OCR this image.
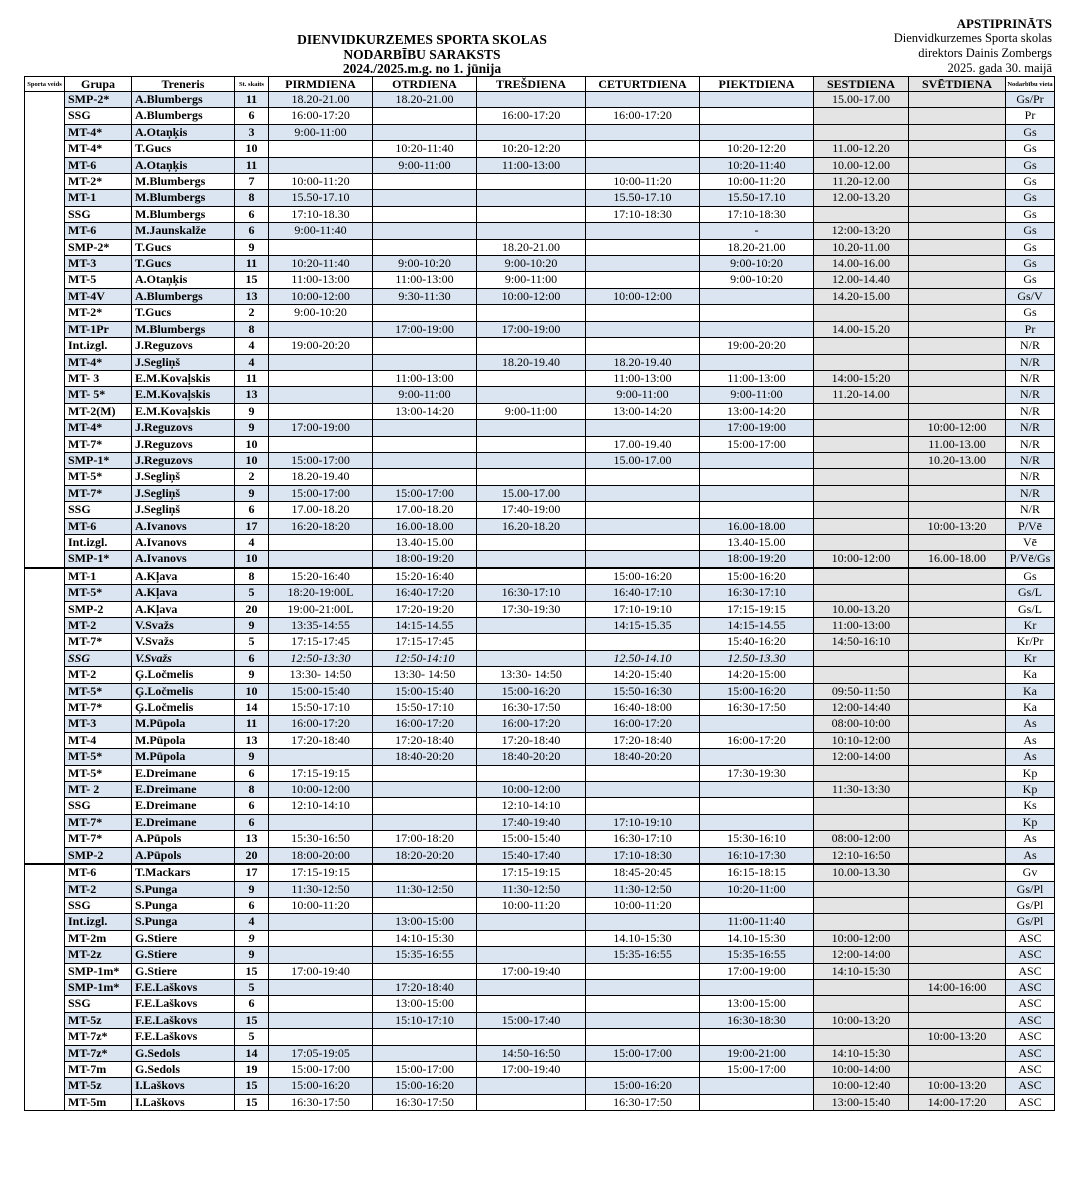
DIENVIDKURZEMES SPORTA SKOLAS
NODARBĪBU SARAKSTS
2024./2025.m.g. no 1. jūnija
APSTIPRINĀTS
Dienvidkurzemes Sporta skolas
direktors Dainis Zombergs
2025. gada 30. maijā
Sporta veids	Grupa	Treneris	St. skaits	PIRMDIENA	OTRDIENA	TREŠDIENA	CETURTDIENA	PIEKTDIENA	SESTDIENA	SVĒTDIENA	Nodarbību vieta
	SMP-2*	A.Blumbergs	11	18.20-21.00	18.20-21.00				15.00-17.00		Gs/Pr
	SSG	A.Blumbergs	6	16:00-17:20		16:00-17:20	16:00-17:20				Pr
	MT-4*	A.Otaņķis	3	9:00-11:00							Gs
	MT-4*	T.Gucs	10		10:20-11:40	10:20-12:20		10:20-12:20	11.00-12.20		Gs
	MT-6	A.Otaņķis	11		9:00-11:00	11:00-13:00		10:20-11:40	10.00-12.00		Gs
	MT-2*	M.Blumbergs	7	10:00-11:20			10:00-11:20	10:00-11:20	11.20-12.00		Gs
	MT-1	M.Blumbergs	8	15.50-17.10			15.50-17.10	15.50-17.10	12.00-13.20		Gs
	SSG	M.Blumbergs	6	17:10-18.30			17:10-18:30	17:10-18:30			Gs
	MT-6	M.Jaunskalže	6	9:00-11:40				-	12:00-13:20		Gs
	SMP-2*	T.Gucs	9			18.20-21.00		18.20-21.00	10.20-11.00		Gs
	MT-3	T.Gucs	11	10:20-11:40	9:00-10:20	9:00-10:20		9:00-10:20	14.00-16.00		Gs
	MT-5	A.Otaņķis	15	11:00-13:00	11:00-13:00	9:00-11:00		9:00-10:20	12.00-14.40		Gs
	MT-4V	A.Blumbergs	13	10:00-12:00	9:30-11:30	10:00-12:00	10:00-12:00		14.20-15.00		Gs/V
	MT-2*	T.Gucs	2	9:00-10:20							Gs
	MT-1Pr	M.Blumbergs	8		17:00-19:00	17:00-19:00			14.00-15.20		Pr
	Int.izgl.	J.Reguzovs	4	19:00-20:20				19:00-20:20			N/R
	MT-4*	J.Segliņš	4			18.20-19.40	18.20-19.40				N/R
	MT- 3	E.M.Kovaļskis	11		11:00-13:00		11:00-13:00	11:00-13:00	14:00-15:20		N/R
	MT- 5*	E.M.Kovaļskis	13		9:00-11:00		9:00-11:00	9:00-11:00	11.20-14.00		N/R
	MT-2(M)	E.M.Kovaļskis	9		13:00-14:20	9:00-11:00	13:00-14:20	13:00-14:20			N/R
	MT-4*	J.Reguzovs	9	17:00-19:00				17:00-19:00		10:00-12:00	N/R
	MT-7*	J.Reguzovs	10				17.00-19.40	15:00-17:00		11.00-13.00	N/R
	SMP-1*	J.Reguzovs	10	15:00-17:00			15.00-17.00			10.20-13.00	N/R
	MT-5*	J.Segliņš	2	18.20-19.40							N/R
	MT-7*	J.Segliņš	9	15:00-17:00	15:00-17:00	15.00-17.00					N/R
	SSG	J.Segliņš	6	17.00-18.20	17.00-18.20	17:40-19:00					N/R
	MT-6	A.Ivanovs	17	16:20-18:20	16.00-18.00	16.20-18.20		16.00-18.00		10:00-13:20	P/Vē
	Int.izgl.	A.Ivanovs	4		13.40-15.00			13.40-15.00			Vē
	SMP-1*	A.Ivanovs	10		18:00-19:20			18:00-19:20	10:00-12:00	16.00-18.00	P/Vē/Gs
	MT-1	A.Kļava	8	15:20-16:40	15:20-16:40		15:00-16:20	15:00-16:20			Gs
	MT-5*	A.Kļava	5	18:20-19:00L	16:40-17:20	16:30-17:10	16:40-17:10	16:30-17:10			Gs/L
	SMP-2	A.Kļava	20	19:00-21:00L	17:20-19:20	17:30-19:30	17:10-19:10	17:15-19:15	10.00-13.20		Gs/L
	MT-2	V.Svažs	9	13:35-14:55	14:15-14.55		14:15-15.35	14:15-14.55	11:00-13:00		Kr
	MT-7*	V.Svažs	5	17:15-17:45	17:15-17:45			15:40-16:20	14:50-16:10		Kr/Pr
	SSG	V.Svažs	6	12:50-13:30	12:50-14:10		12.50-14.10	12.50-13.30			Kr
	MT-2	Ģ.Ločmelis	9	13:30- 14:50	13:30- 14:50	13:30- 14:50	14:20-15:40	14:20-15:00			Ka
	MT-5*	Ģ.Ločmelis	10	15:00-15:40	15:00-15:40	15:00-16:20	15:50-16:30	15:00-16:20	09:50-11:50		Ka
	MT-7*	Ģ.Ločmelis	14	15:50-17:10	15:50-17:10	16:30-17:50	16:40-18:00	16:30-17:50	12:00-14:40		Ka
	MT-3	M.Pūpola	11	16:00-17:20	16:00-17:20	16:00-17:20	16:00-17:20		08:00-10:00		As
	MT-4	M.Pūpola	13	17:20-18:40	17:20-18:40	17:20-18:40	17:20-18:40	16:00-17:20	10:10-12:00		As
	MT-5*	M.Pūpola	9		18:40-20:20	18:40-20:20	18:40-20:20		12:00-14:00		As
	MT-5*	E.Dreimane	6	17:15-19:15				17:30-19:30			Kp
	MT- 2	E.Dreimane	8	10:00-12:00		10:00-12:00			11:30-13:30		Kp
	SSG	E.Dreimane	6	12:10-14:10		12:10-14:10					Ks
	MT-7*	E.Dreimane	6			17:40-19:40	17:10-19:10				Kp
	MT-7*	A.Pūpols	13	15:30-16:50	17:00-18:20	15:00-15:40	16:30-17:10	15:30-16:10	08:00-12:00		As
	SMP-2	A.Pūpols	20	18:00-20:00	18:20-20:20	15:40-17:40	17:10-18:30	16:10-17:30	12:10-16:50		As
	MT-6	T.Mackars	17	17:15-19:15		17:15-19:15	18:45-20:45	16:15-18:15	10.00-13.30		Gv
	MT-2	S.Punga	9	11:30-12:50	11:30-12:50	11:30-12:50	11:30-12:50	10:20-11:00			Gs/Pl
	SSG	S.Punga	6	10:00-11:20		10:00-11:20	10:00-11:20				Gs/Pl
	Int.izgl.	S.Punga	4		13:00-15:00			11:00-11:40			Gs/Pl
	MT-2m	G.Stiere	9		14:10-15:30		14.10-15:30	14.10-15:30	10:00-12:00		ASC
	MT-2z	G.Stiere	9		15:35-16:55		15:35-16:55	15:35-16:55	12:00-14:00		ASC
	SMP-1m*	G.Stiere	15	17:00-19:40		17:00-19:40		17:00-19:00	14:10-15:30		ASC
	SMP-1m*	F.E.Laškovs	5		17:20-18:40					14:00-16:00	ASC
	SSG	F.E.Laškovs	6		13:00-15:00			13:00-15:00			ASC
	MT-5z	F.E.Laškovs	15		15:10-17:10	15:00-17:40		16:30-18:30	10:00-13:20		ASC
	MT-7z*	F.E.Laškovs	5							10:00-13:20	ASC
	MT-7z*	G.Sedols	14	17:05-19:05		14:50-16:50	15:00-17:00	19:00-21:00	14:10-15:30		ASC
	MT-7m	G.Sedols	19	15:00-17:00	15:00-17:00	17:00-19:40		15:00-17:00	10:00-14:00		ASC
	MT-5z	I.Laškovs	15	15:00-16:20	15:00-16:20		15:00-16:20		10:00-12:40	10:00-13:20	ASC
	MT-5m	I.Laškovs	15	16:30-17:50	16:30-17:50		16:30-17:50		13:00-15:40	14:00-17:20	ASC
